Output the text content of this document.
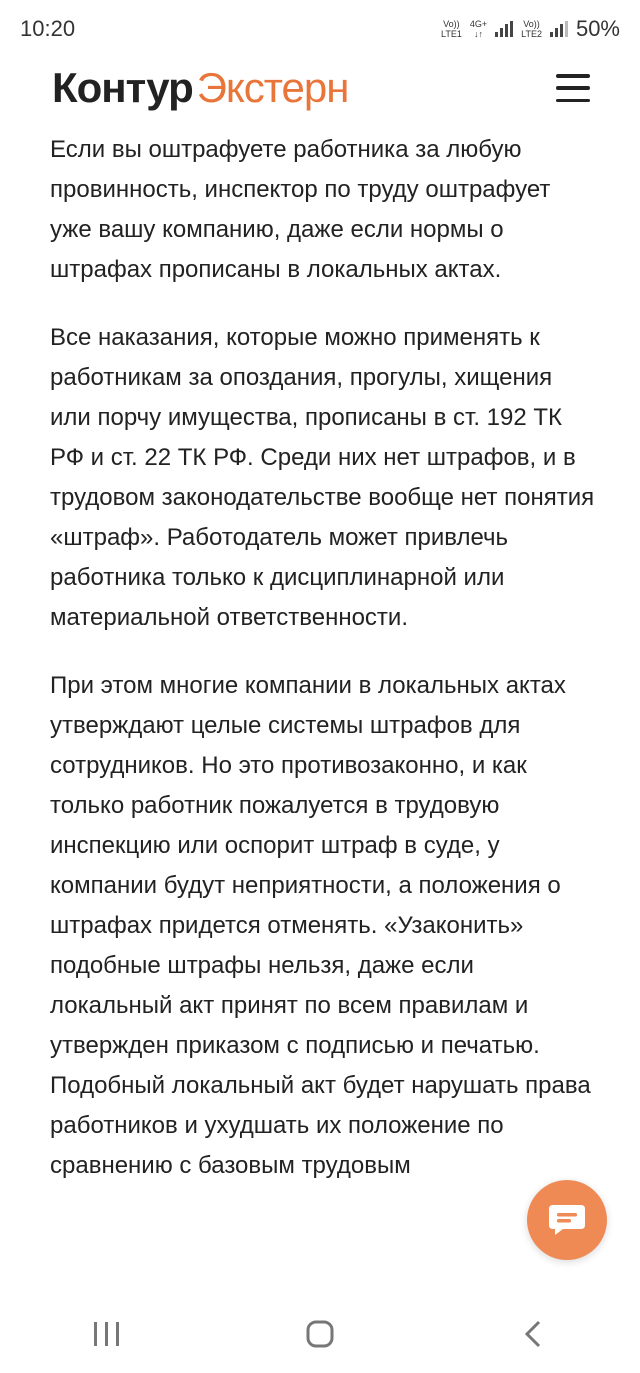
10:20	Vo))
LTE1
4G+
↓↑
Vo))
LTE2 50%
Контур Экстерн

Если вы оштрафуете работника за любую провинность, инспектор по труду оштрафует уже вашу компанию, даже если нормы о штрафах прописаны в локальных актах.

Все наказания, которые можно применять к работникам за опоздания, прогулы, хищения или порчу имущества, прописаны в ст. 192 ТК РФ и ст. 22 ТК РФ. Среди них нет штрафов, и в трудовом законодательстве вообще нет понятия «штраф». Работодатель может привлечь работника только к дисциплинарной или материальной ответственности.

При этом многие компании в локальных актах утверждают целые системы штрафов для сотрудников. Но это противозаконно, и как только работник пожалуется в трудовую инспекцию или оспорит штраф в суде, у компании будут неприятности, а положения о штрафах придется отменять. «Узаконить» подобные штрафы нельзя, даже если локальный акт принят по всем правилам и утвержден приказом с подписью и печатью. Подобный локальный акт будет нарушать права работников и ухудшать их положение по сравнению с базовым трудовым
